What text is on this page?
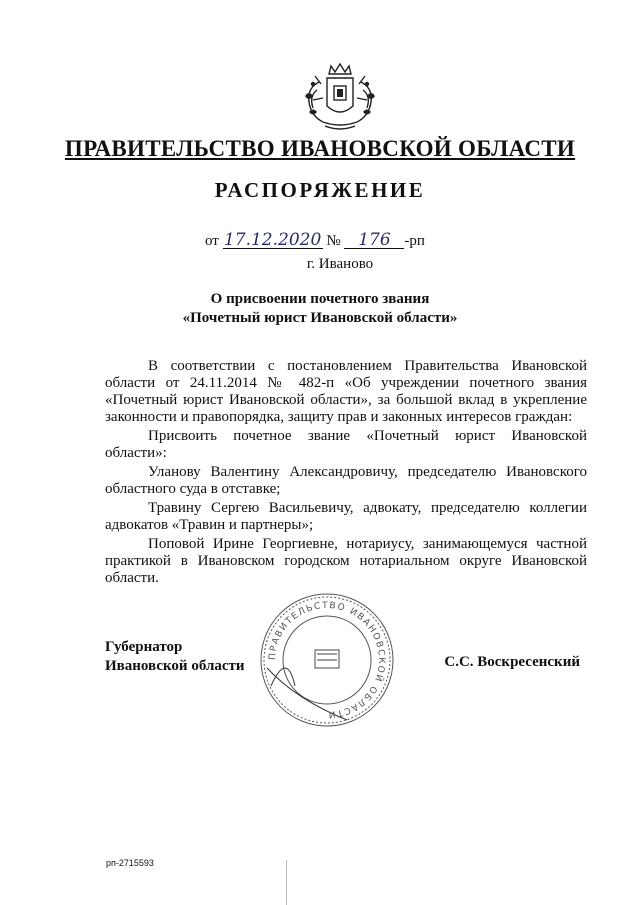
ПРАВИТЕЛЬСТВО ИВАНОВСКОЙ ОБЛАСТИ
РАСПОРЯЖЕНИЕ
от 17.12.2020 № 176 -рп
г. Иваново
О присвоении почетного звания
«Почетный юрист Ивановской области»

В соответствии с постановлением Правительства Ивановской области от 24.11.2014 № 482-п «Об учреждении почетного звания «Почетный юрист Ивановской области», за большой вклад в укрепление законности и правопорядка, защиту прав и законных интересов граждан:

Присвоить почетное звание «Почетный юрист Ивановской области»:

Уланову Валентину Александровичу, председателю Ивановского областного суда в отставке;

Травину Сергею Васильевичу, адвокату, председателю коллегии адвокатов «Травин и партнеры»;

Поповой Ирине Георгиевне, нотариусу, занимающемуся частной практикой в Ивановском городском нотариальном округе Ивановской области.

Губернатор
Ивановской области
ПРАВИТЕЛЬСТВО ИВАНОВСКОЙ ОБЛАСТИ
С.С. Воскресенский
рп-2715593
